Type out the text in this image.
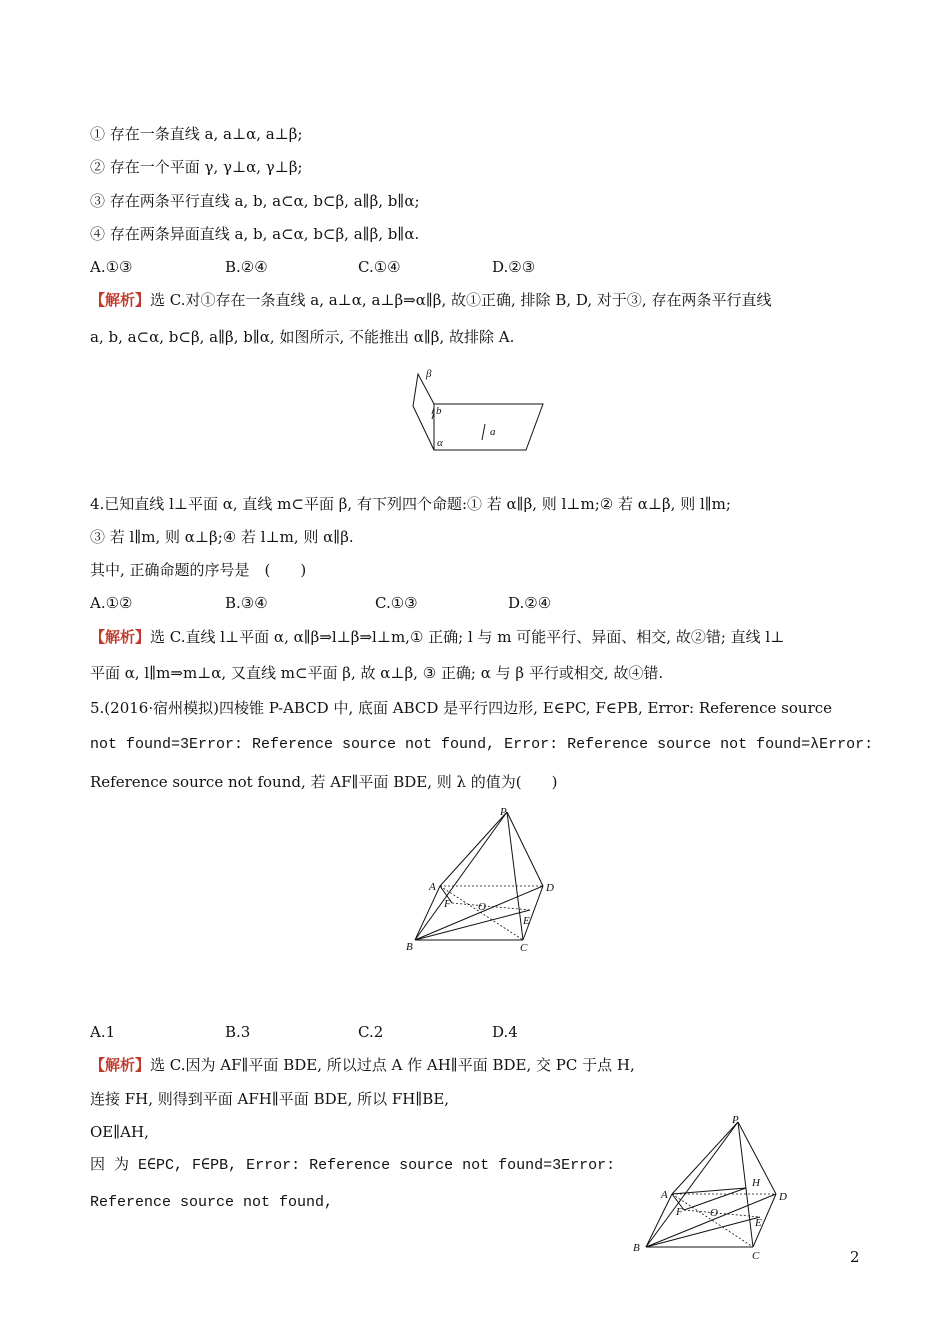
① 存在一条直线 a, a⊥α, a⊥β;
② 存在一个平面 γ, γ⊥α, γ⊥β;
③ 存在两条平行直线 a, b, a⊂α, b⊂β, a∥β, b∥α;
④ 存在两条异面直线 a, b, a⊂α, b⊂β, a∥β, b∥α.
A.①③	B.②④	C.①④	D.②③
【解析】选 C.对①存在一条直线 a, a⊥α, a⊥β⇒α∥β, 故①正确, 排除 B, D, 对于③, 存在两条平行直线
a, b, a⊂α, b⊂β, a∥β, b∥α, 如图所示, 不能推出 α∥β, 故排除 A.
β
b
α
a
4.已知直线 l⊥平面 α, 直线 m⊂平面 β, 有下列四个命题:① 若 α∥β, 则 l⊥m;② 若 α⊥β, 则 l∥m;
③ 若 l∥m, 则 α⊥β;④ 若 l⊥m, 则 α∥β.
其中, 正确命题的序号是　(　　)
A.①②	B.③④	C.①③	D.②④
【解析】选 C.直线 l⊥平面 α, α∥β⇒l⊥β⇒l⊥m,① 正确; l 与 m 可能平行、异面、相交, 故②错; 直线 l⊥
平面 α, l∥m⇒m⊥α, 又直线 m⊂平面 β, 故 α⊥β, ③ 正确; α 与 β 平行或相交, 故④错.
5.(2016·宿州模拟)四棱锥 P-ABCD 中, 底面 ABCD 是平行四边形, E∈PC, F∈PB, Error: Reference source
not found=3Error: Reference source not found, Error: Reference source not found=λError:
Reference source not found, 若 AF∥平面 BDE, 则 λ 的值为(　　)
P
A	D
F O
E
B	C
A.1	B.3	C.2	D.4
【解析】选 C.因为 AF∥平面 BDE, 所以过点 A 作 AH∥平面 BDE, 交 PC 于点 H,
连接 FH, 则得到平面 AFH∥平面 BDE, 所以 FH∥BE,
OE∥AH,
因 为 E∈PC, F∈PB, Error: Reference source not found=3Error:
Reference source not found,
P
A
H
D
F O
E
B
C	2
